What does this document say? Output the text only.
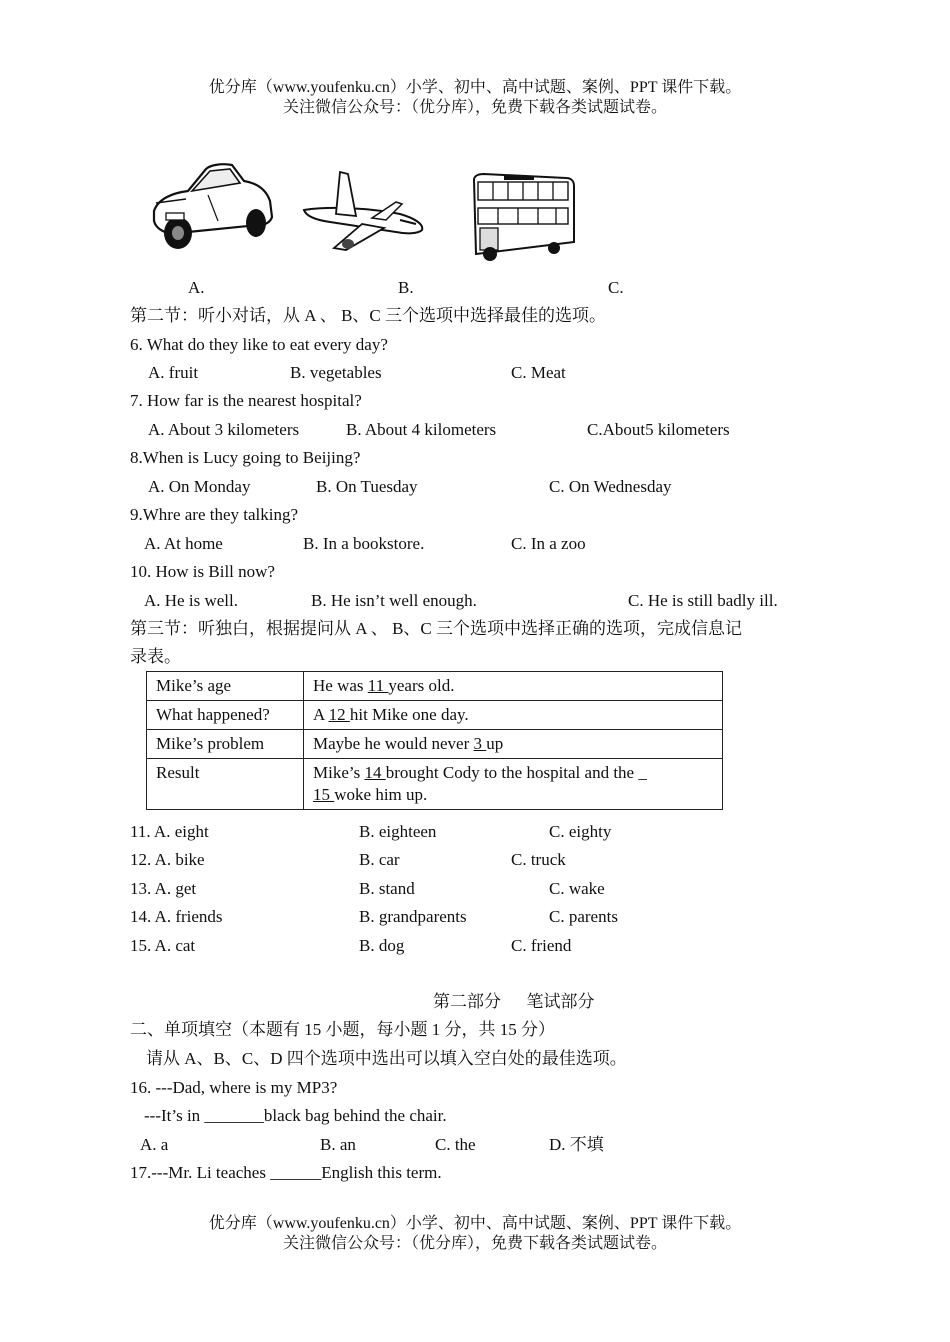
优分库（www.youfenku.cn）小学、初中、高中试题、案例、PPT 课件下载。
关注微信公众号：（优分库），免费下载各类试题试卷。
A.	B.	C.
第二节：听小对话，从 A 、 B、C 三个选项中选择最佳的选项。
6. What do they like to eat every day?
A. fruit	B. vegetables	C. Meat
7. How far is the nearest hospital?
A. About 3 kilometers	B. About 4 kilometers	C.About5 kilometers
8.When is Lucy going to Beijing?
A. On Monday	B. On Tuesday	C. On Wednesday
9.Whre are they talking?
A. At home	B. In a bookstore.	C. In a zoo
10. How is Bill now?
A. He is well.	B. He isn’t well enough.	C. He is still badly ill.
第三节：听独白，根据提问从 A 、 B、C 三个选项中选择正确的选项，完成信息记
录表。
Mike’s age	He was 11 years old.
What happened?	A 12 hit Mike one day.
Mike’s problem	Maybe he would never 3 up
Result	Mike’s 14 brought Cody to the hospital and the _
15 woke him up.
11. A. eight	B. eighteen	C. eighty
12. A. bike	B. car	C. truck
13. A. get	B. stand	C. wake
14. A. friends	B. grandparents	C. parents
15. A. cat	B. dog	C. friend
第二部分      笔试部分
二、单项填空（本题有 15 小题，每小题 1 分，共 15 分）
请从 A、B、C、D 四个选项中选出可以填入空白处的最佳选项。
16. ---Dad, where is my MP3?
---It’s in _______black bag behind the chair.
A. a	B. an	C. the	D. 不填
17.---Mr. Li teaches ______English this term.
优分库（www.youfenku.cn）小学、初中、高中试题、案例、PPT 课件下载。
关注微信公众号：（优分库），免费下载各类试题试卷。
